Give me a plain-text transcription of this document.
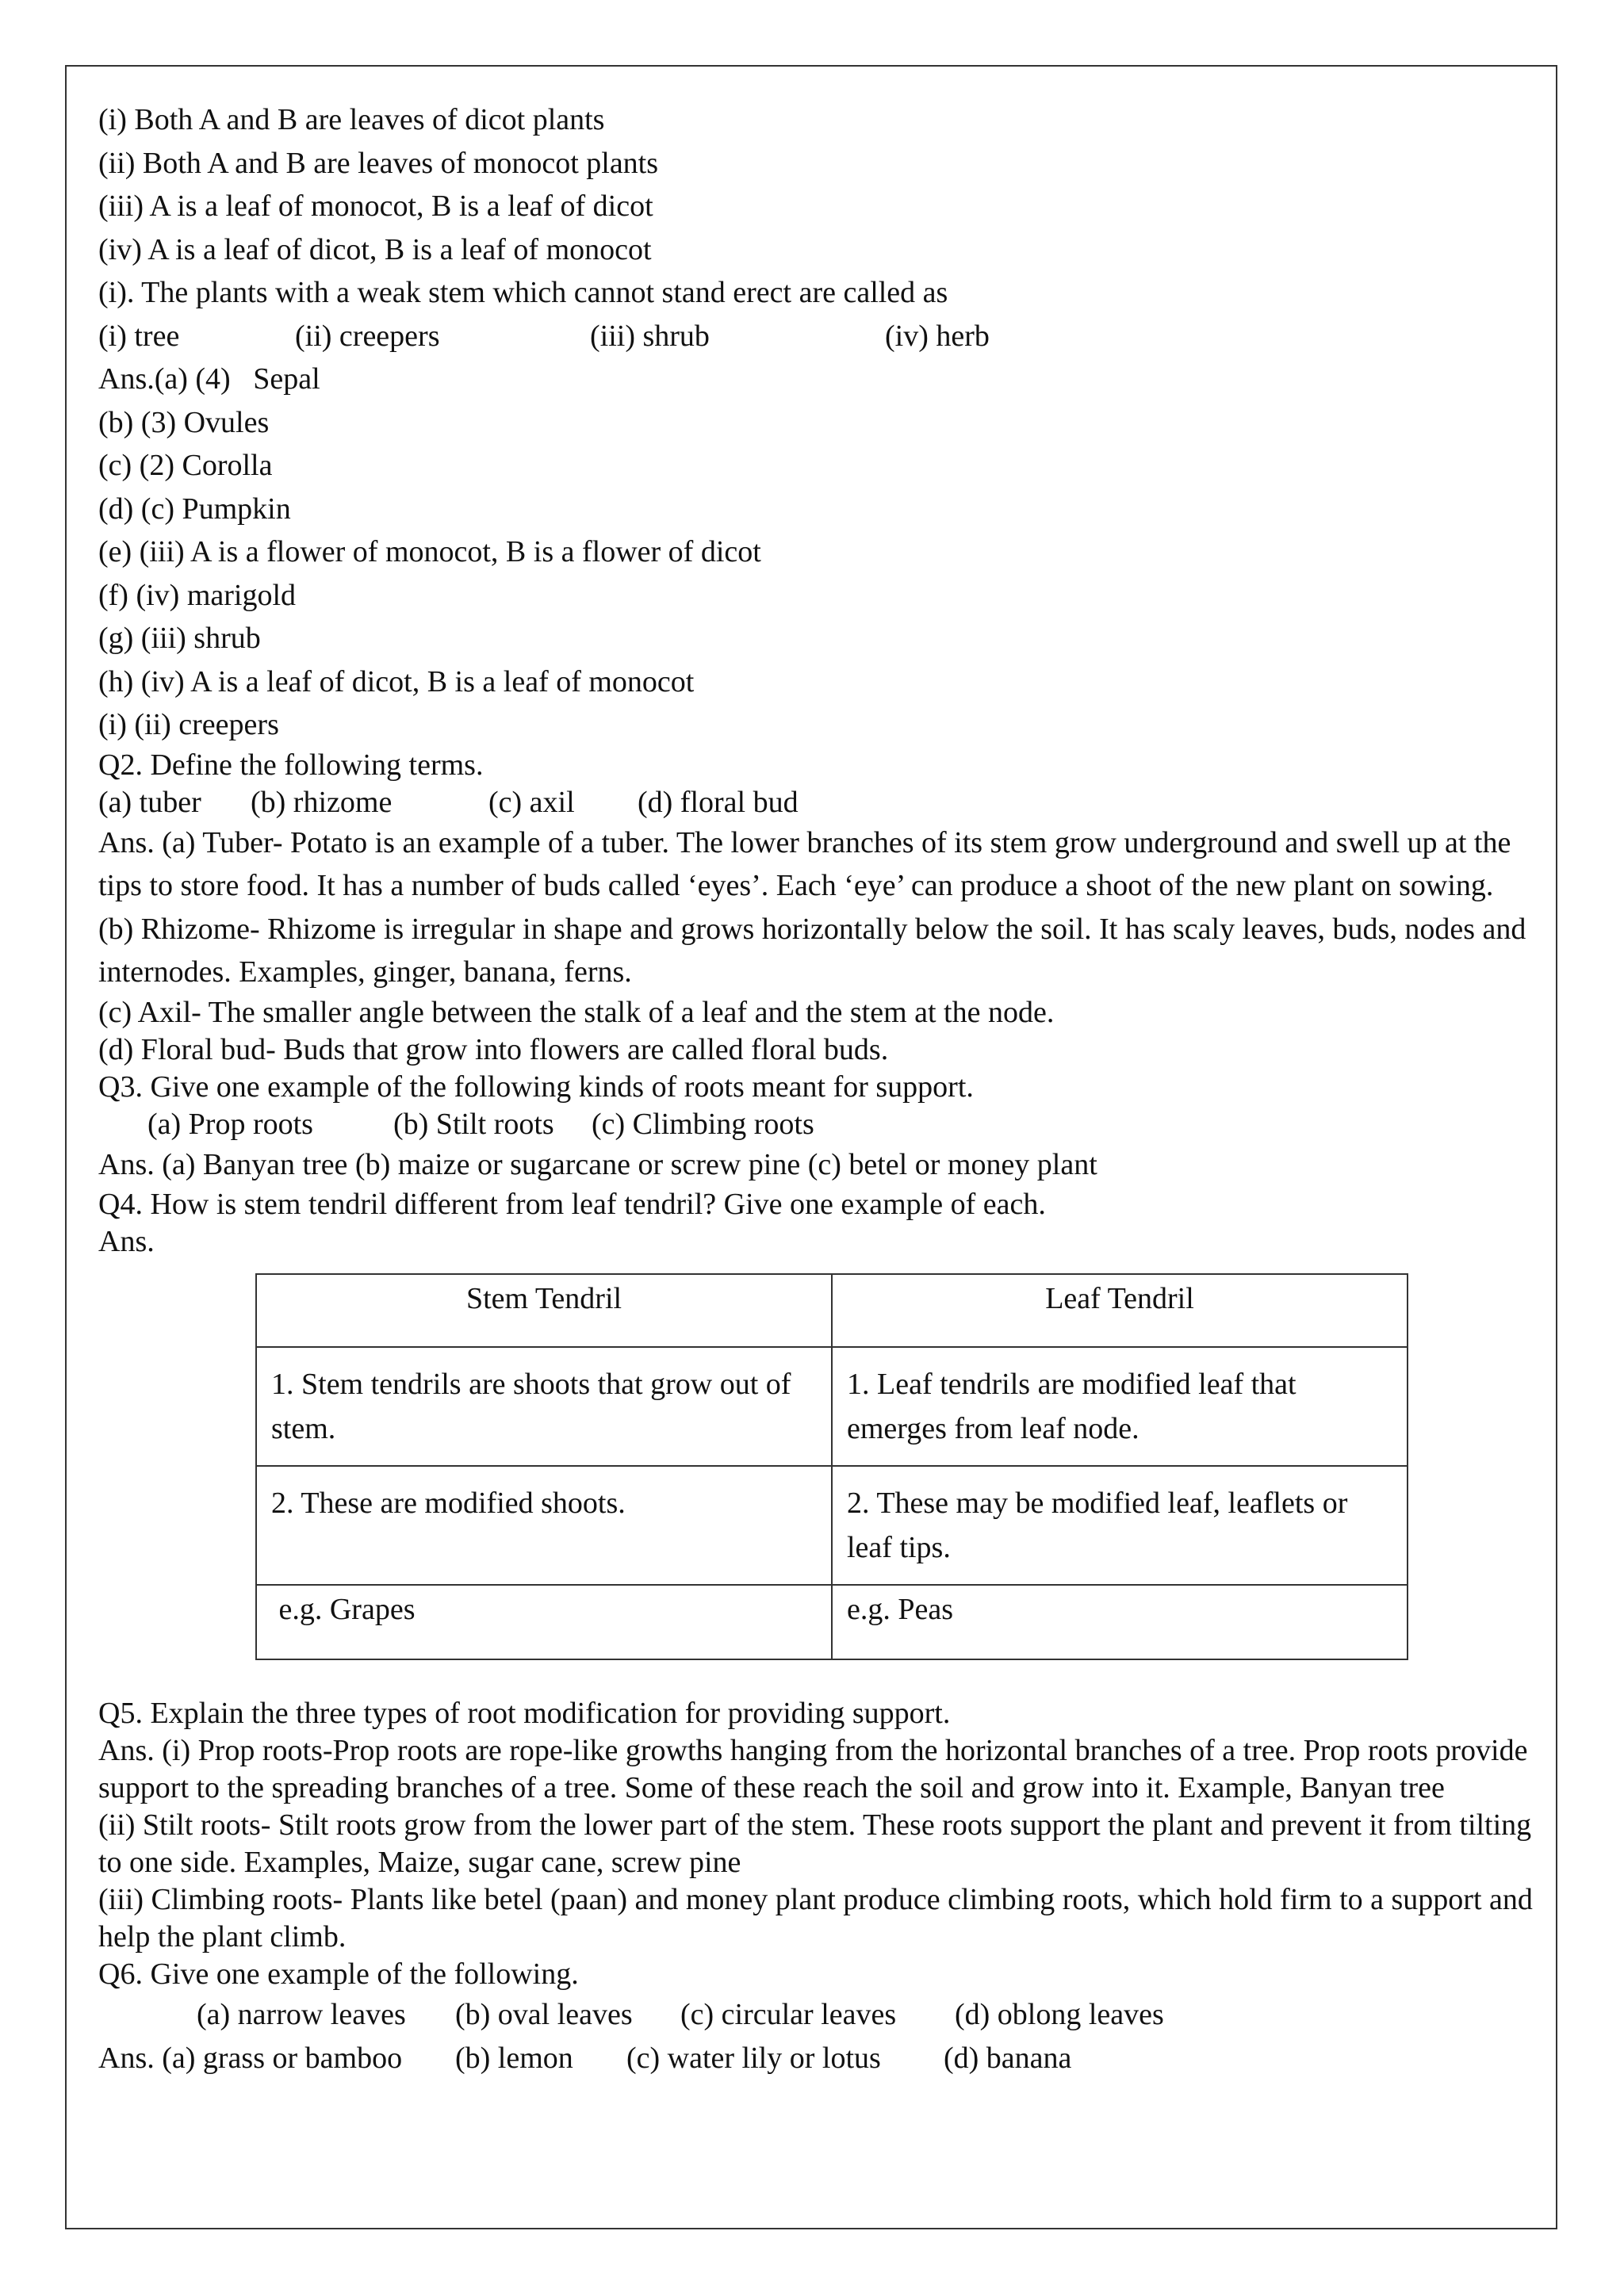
(i) Both A and B are leaves of dicot plants
(ii) Both A and B are leaves of monocot plants
(iii) A is a leaf of monocot, B is a leaf of dicot
(iv) A is a leaf of dicot, B is a leaf of monocot
(i). The plants with a weak stem which cannot stand erect are called as
(i) tree	(ii) creepers	(iii) shrub	(iv) herb
Ans.(a) (4)   Sepal
(b) (3) Ovules
(c) (2) Corolla
(d) (c) Pumpkin
(e) (iii) A is a flower of monocot, B is a flower of dicot
(f) (iv) marigold
(g) (iii) shrub
(h) (iv) A is a leaf of dicot, B is a leaf of monocot
(i) (ii) creepers
Q2. Define the following terms.
(a) tuber	(b) rhizome	(c) axil	(d) floral bud
Ans. (a) Tuber- Potato is an example of a tuber. The lower branches of its stem grow underground and swell up at the tips to store food. It has a number of buds called ‘eyes’. Each ‘eye’ can produce a shoot of the new plant on sowing.
(b) Rhizome- Rhizome is irregular in shape and grows horizontally below the soil. It has scaly leaves, buds, nodes and internodes. Examples, ginger, banana, ferns.
(c) Axil- The smaller angle between the stalk of a leaf and the stem at the node.
(d) Floral bud- Buds that grow into flowers are called floral buds.
Q3. Give one example of the following kinds of roots meant for support.
(a) Prop roots	(b) Stilt roots	(c) Climbing roots
Ans. (a) Banyan tree (b) maize or sugarcane or screw pine (c) betel or money plant
Q4. How is stem tendril different from leaf tendril? Give one example of each.
Ans.
Stem Tendril	Leaf Tendril
1. Stem tendrils are shoots that grow out of stem.	1. Leaf tendrils are modified leaf that emerges from leaf node.
2. These are modified shoots.	2. These may be modified leaf, leaflets or leaf tips.
e.g. Grapes	e.g. Peas
Q5. Explain the three types of root modification for providing support.
Ans. (i) Prop roots-Prop roots are rope-like growths hanging from the horizontal branches of a tree. Prop roots provide support to the spreading branches of a tree. Some of these reach the soil and grow into it. Example, Banyan tree
(ii) Stilt roots- Stilt roots grow from the lower part of the stem. These roots support the plant and prevent it from tilting to one side. Examples, Maize, sugar cane, screw pine
(iii) Climbing roots- Plants like betel (paan) and money plant produce climbing roots, which hold firm to a support and help the plant climb.
Q6. Give one example of the following.
(a) narrow leaves	(b) oval leaves	(c) circular leaves	(d) oblong leaves
Ans. (a) grass or bamboo	(b) lemon	(c) water lily or lotus	(d) banana
